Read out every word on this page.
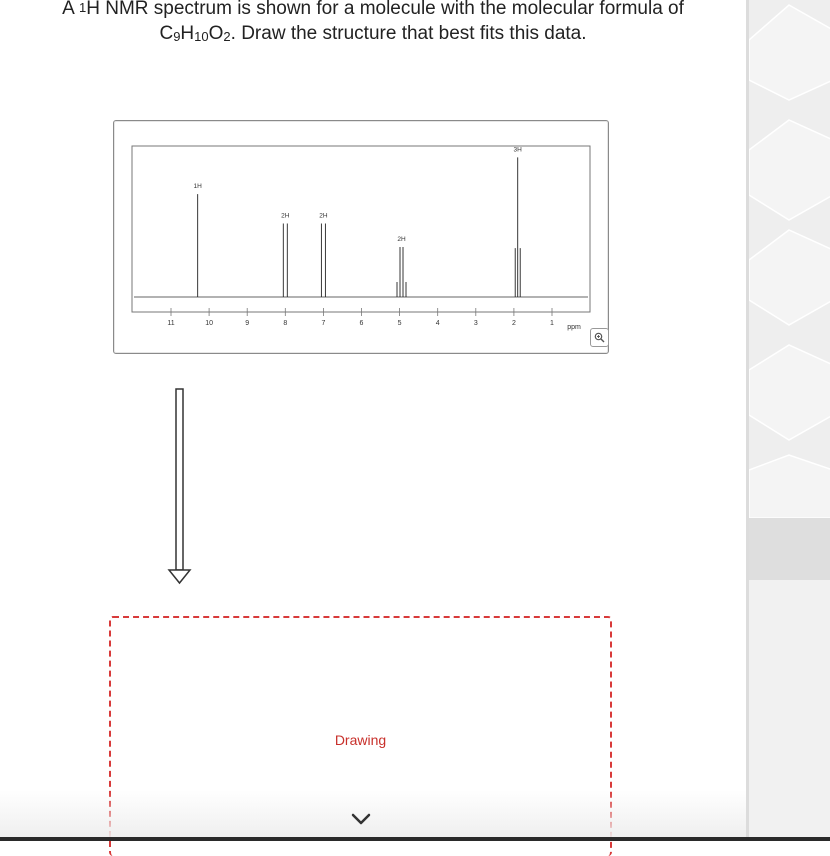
A $^1$H NMR spectrum is shown for a molecule with the molecular formula of
C9H10O2. Draw the structure that best fits this data.
11	10	9	8	7	6	5	4	3	2	1
1H
2H	2H
2H
3H
ppm
Drawing
